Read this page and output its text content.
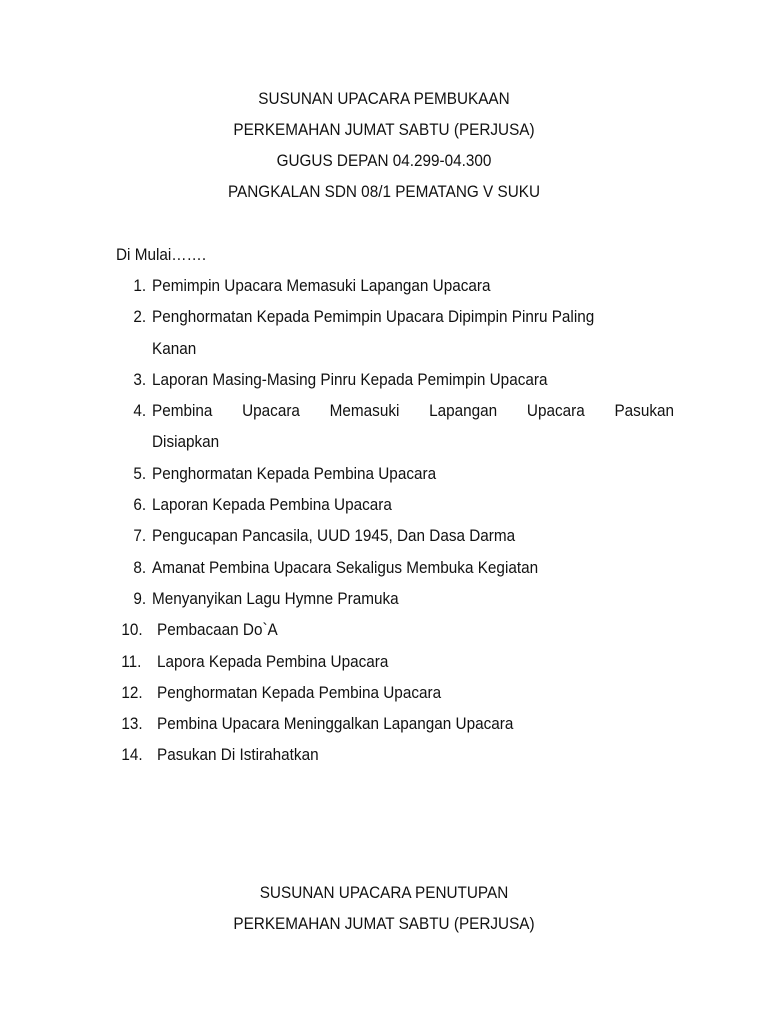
SUSUNAN UPACARA PEMBUKAAN
PERKEMAHAN JUMAT SABTU (PERJUSA)
GUGUS DEPAN 04.299-04.300
PANGKALAN SDN 08/1 PEMATANG V SUKU
Di Mulai…….
1. Pemimpin Upacara Memasuki Lapangan Upacara
2. Penghormatan Kepada Pemimpin Upacara Dipimpin Pinru Paling
Kanan
3. Laporan Masing-Masing Pinru Kepada Pemimpin Upacara
4. Pembina Upacara Memasuki Lapangan Upacara Pasukan
Disiapkan
5. Penghormatan Kepada Pembina Upacara
6. Laporan Kepada Pembina Upacara
7. Pengucapan Pancasila, UUD 1945, Dan Dasa Darma
8. Amanat Pembina Upacara Sekaligus Membuka Kegiatan
9. Menyanyikan Lagu Hymne Pramuka
10. Pembacaan Do`A
11. Lapora Kepada Pembina Upacara
12. Penghormatan Kepada Pembina Upacara
13. Pembina Upacara Meninggalkan Lapangan Upacara
14. Pasukan Di Istirahatkan
SUSUNAN UPACARA PENUTUPAN
PERKEMAHAN JUMAT SABTU (PERJUSA)
